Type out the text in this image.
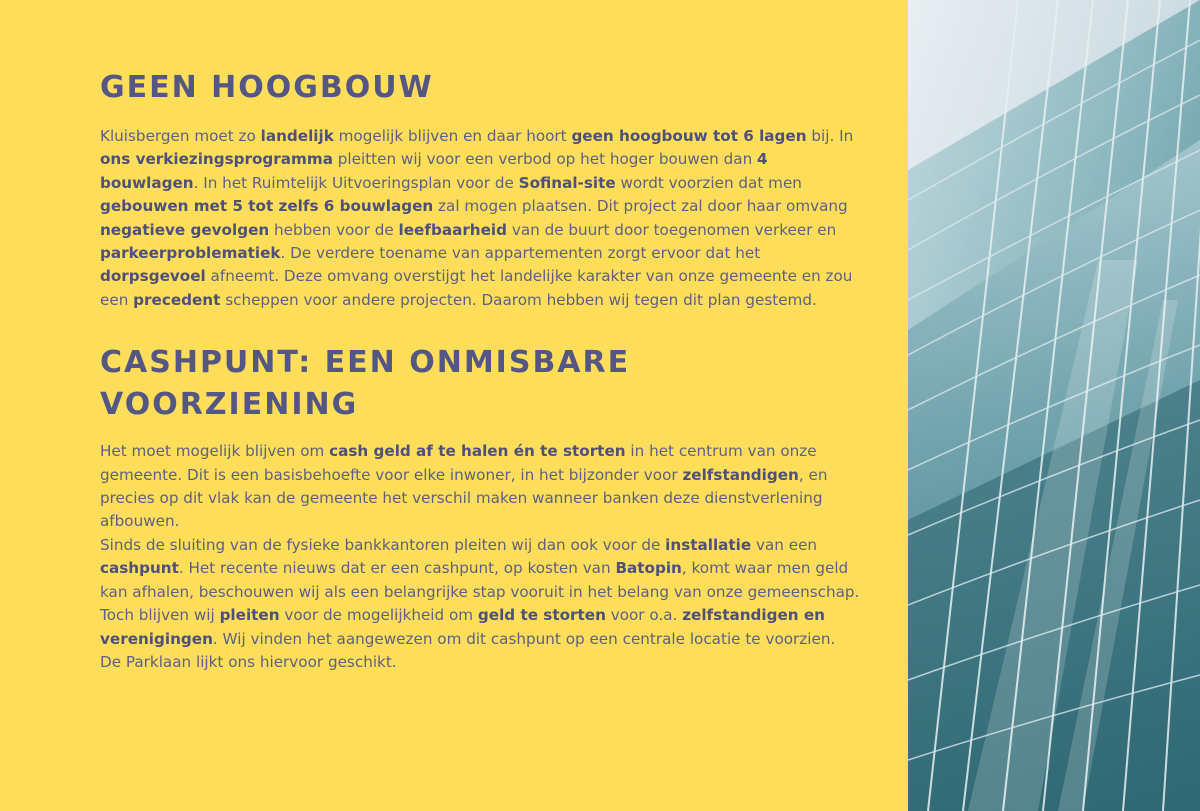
GEEN HOOGBOUW

Kluisbergen moet zo landelijk mogelijk blijven en daar hoort geen hoogbouw tot 6 lagen bij. In ons verkiezingsprogramma pleitten wij voor een verbod op het hoger bouwen dan 4 bouwlagen. In het Ruimtelijk Uitvoeringsplan voor de Sofinal-site wordt voorzien dat men gebouwen met 5 tot zelfs 6 bouwlagen zal mogen plaatsen. Dit project zal door haar omvang negatieve gevolgen hebben voor de leefbaarheid van de buurt door toegenomen verkeer en parkeerproblematiek. De verdere toename van appartementen zorgt ervoor dat het dorpsgevoel afneemt. Deze omvang overstijgt het landelijke karakter van onze gemeente en zou een precedent scheppen voor andere projecten. Daarom hebben wij tegen dit plan gestemd.

CASHPUNT: EEN ONMISBARE VOORZIENING

Het moet mogelijk blijven om cash geld af te halen én te storten in het centrum van onze gemeente. Dit is een basisbehoefte voor elke inwoner, in het bijzonder voor zelfstandigen, en precies op dit vlak kan de gemeente het verschil maken wanneer banken deze dienstverlening afbouwen.
Sinds de sluiting van de fysieke bankkantoren pleiten wij dan ook voor de installatie van een cashpunt. Het recente nieuws dat er een cashpunt, op kosten van Batopin, komt waar men geld kan afhalen, beschouwen wij als een belangrijke stap vooruit in het belang van onze gemeenschap. Toch blijven wij pleiten voor de mogelijkheid om geld te storten voor o.a. zelfstandigen en verenigingen. Wij vinden het aangewezen om dit cashpunt op een centrale locatie te voorzien. De Parklaan lijkt ons hiervoor geschikt.
